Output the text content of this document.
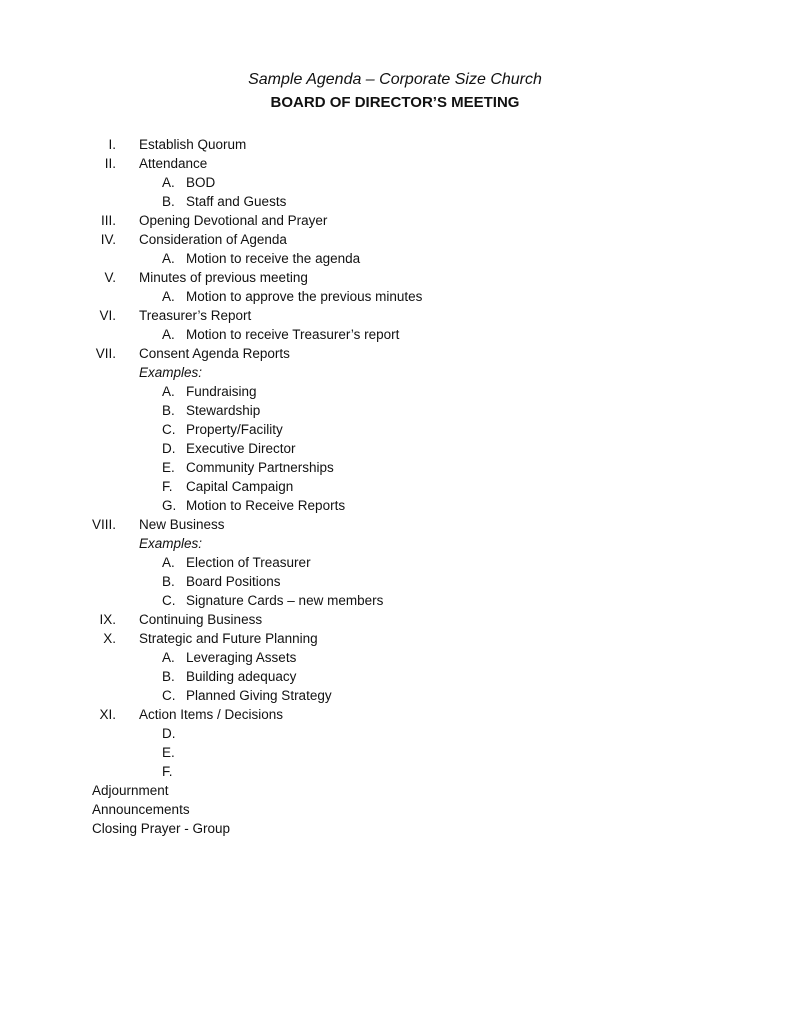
Sample Agenda – Corporate Size Church
BOARD OF DIRECTOR’S MEETING
I. Establish Quorum
II. Attendance
A. BOD
B. Staff and Guests
III. Opening Devotional and Prayer
IV. Consideration of Agenda
A. Motion to receive the agenda
V. Minutes of previous meeting
A. Motion to approve the previous minutes
VI. Treasurer’s Report
A. Motion to receive Treasurer’s report
VII. Consent Agenda Reports
Examples:
A. Fundraising
B. Stewardship
C. Property/Facility
D. Executive Director
E. Community Partnerships
F. Capital Campaign
G. Motion to Receive Reports
VIII. New Business
Examples:
A. Election of Treasurer
B. Board Positions
C. Signature Cards – new members
IX. Continuing Business
X. Strategic and Future Planning
A. Leveraging Assets
B. Building adequacy
C. Planned Giving Strategy
XI. Action Items / Decisions
D.
E.
F.
Adjournment
Announcements
Closing Prayer - Group
